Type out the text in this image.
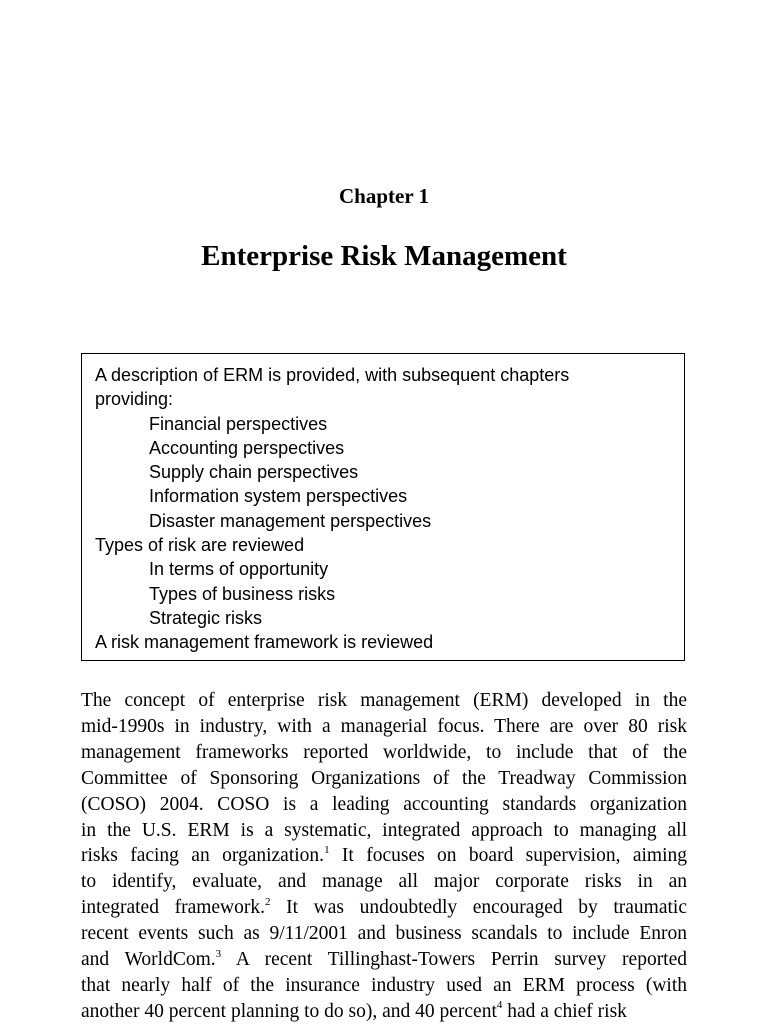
Chapter 1
Enterprise Risk Management
A description of ERM is provided, with subsequent chapters
providing:
Financial perspectives
Accounting perspectives
Supply chain perspectives
Information system perspectives
Disaster management perspectives
Types of risk are reviewed
In terms of opportunity
Types of business risks
Strategic risks
A risk management framework is reviewed
The concept of enterprise risk management (ERM) developed in the
mid-1990s in industry, with a managerial focus. There are over 80 risk
management frameworks reported worldwide, to include that of the
Committee of Sponsoring Organizations of the Treadway Commission
(COSO) 2004. COSO is a leading accounting standards organization
in the U.S. ERM is a systematic, integrated approach to managing all
risks facing an organization.$^1$ It focuses on board supervision, aiming
to identify, evaluate, and manage all major corporate risks in an
integrated framework.$^2$ It was undoubtedly encouraged by traumatic
recent events such as 9/11/2001 and business scandals to include Enron
and WorldCom.$^3$ A recent Tillinghast-Towers Perrin survey reported
that nearly half of the insurance industry used an ERM process (with
another 40 percent planning to do so), and 40 percent$^4$ had a chief risk
